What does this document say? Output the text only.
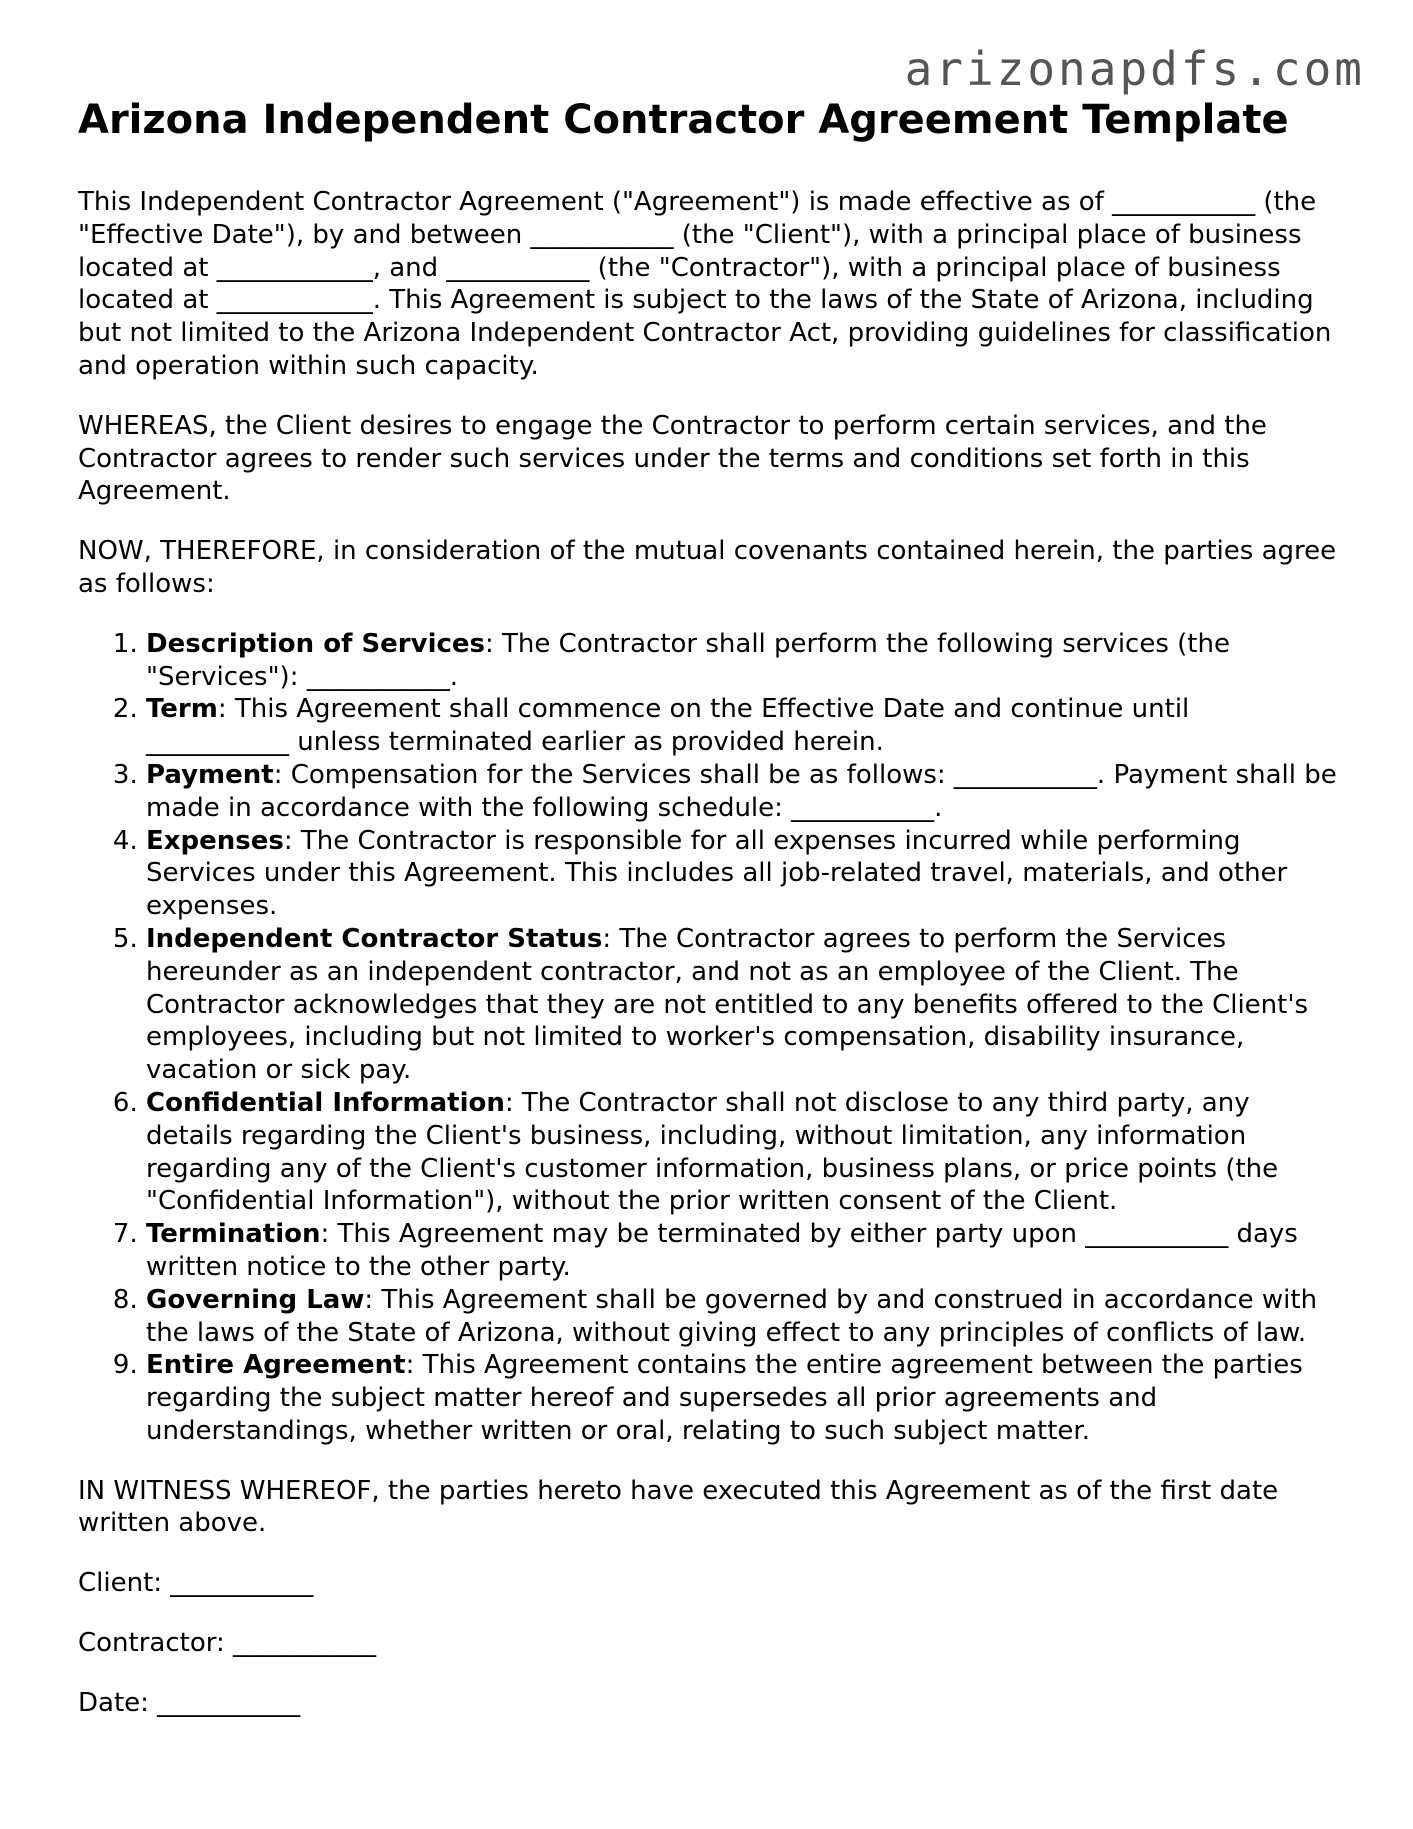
arizonapdfs.com
Arizona Independent Contractor Agreement Template

This Independent Contractor Agreement ("Agreement") is made effective as of ___________ (the "Effective Date"), by and between ___________ (the "Client"), with a principal place of business located at ____________, and ___________ (the "Contractor"), with a principal place of business located at ____________. This Agreement is subject to the laws of the State of Arizona, including but not limited to the Arizona Independent Contractor Act, providing guidelines for classification and operation within such capacity.

WHEREAS, the Client desires to engage the Contractor to perform certain services, and the Contractor agrees to render such services under the terms and conditions set forth in this Agreement.

NOW, THEREFORE, in consideration of the mutual covenants contained herein, the parties agree as follows:

1. Description of Services: The Contractor shall perform the following services (the "Services"): ___________.
2. Term: This Agreement shall commence on the Effective Date and continue until ___________ unless terminated earlier as provided herein.
3. Payment: Compensation for the Services shall be as follows: ___________. Payment shall be made in accordance with the following schedule: ___________.
4. Expenses: The Contractor is responsible for all expenses incurred while performing Services under this Agreement. This includes all job-related travel, materials, and other expenses.
5. Independent Contractor Status: The Contractor agrees to perform the Services hereunder as an independent contractor, and not as an employee of the Client. The Contractor acknowledges that they are not entitled to any benefits offered to the Client's employees, including but not limited to worker's compensation, disability insurance, vacation or sick pay.
6. Confidential Information: The Contractor shall not disclose to any third party, any details regarding the Client's business, including, without limitation, any information regarding any of the Client's customer information, business plans, or price points (the "Confidential Information"), without the prior written consent of the Client.
7. Termination: This Agreement may be terminated by either party upon ___________ days written notice to the other party.
8. Governing Law: This Agreement shall be governed by and construed in accordance with the laws of the State of Arizona, without giving effect to any principles of conflicts of law.
9. Entire Agreement: This Agreement contains the entire agreement between the parties regarding the subject matter hereof and supersedes all prior agreements and understandings, whether written or oral, relating to such subject matter.

IN WITNESS WHEREOF, the parties hereto have executed this Agreement as of the first date written above.

Client: ___________

Contractor: ___________

Date: ___________
